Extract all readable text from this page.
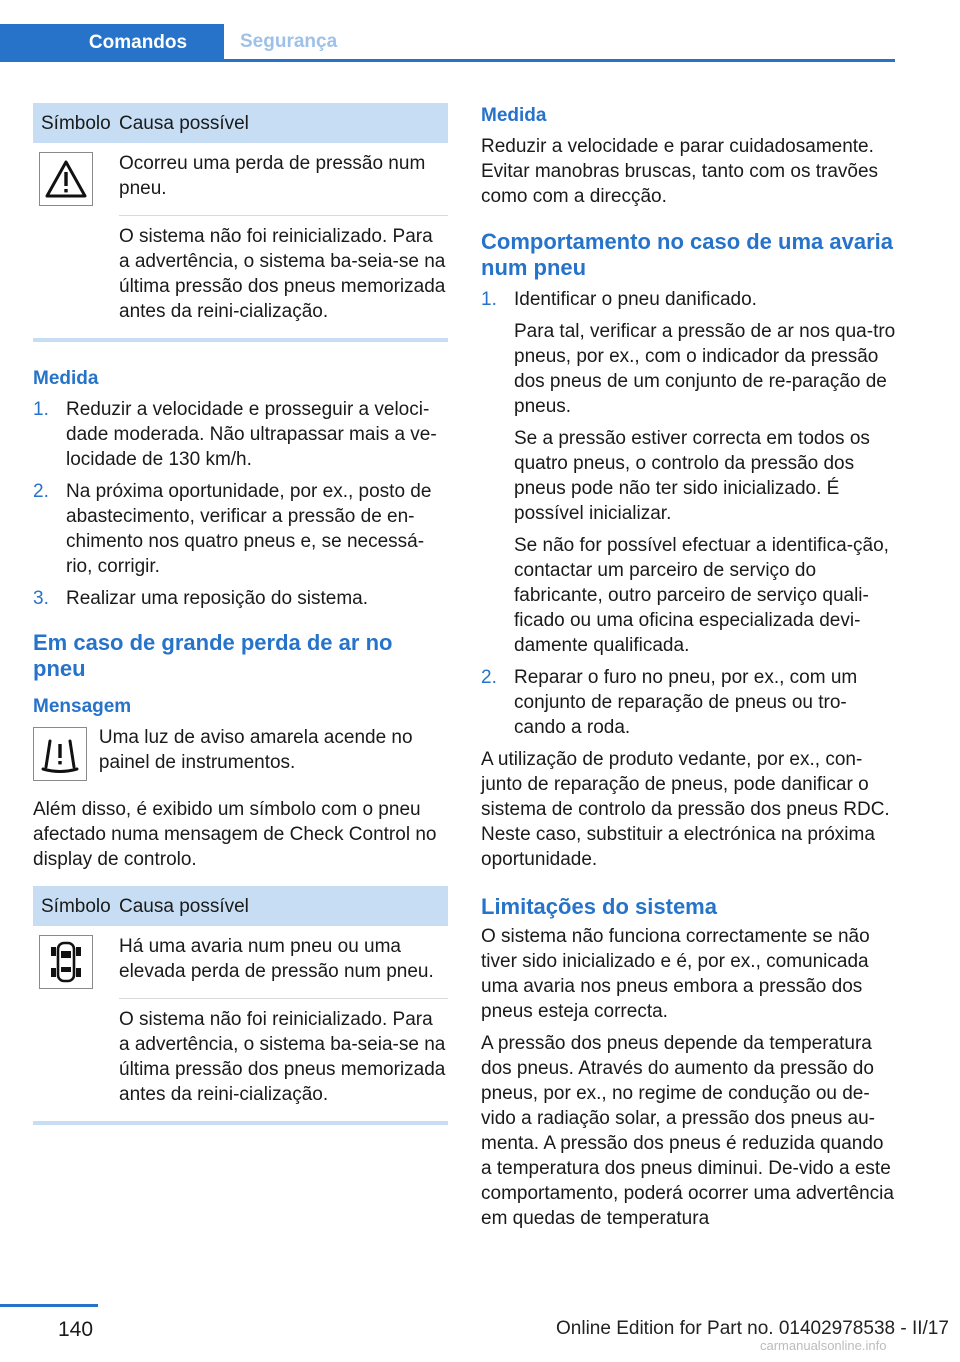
Comandos	Segurança
Símbolo	Causa possível

	Ocorreu uma perda de pressão num pneu.
	O sistema não foi reinicializado. Para a advertência, o sistema ba-seia-se na última pressão dos pneus memorizada antes da reini-cialização.

Medida

1. Reduzir a velocidade e prosseguir a veloci-dade moderada. Não ultrapassar mais a ve-locidade de 130 km/h.
2. Na próxima oportunidade, por ex., posto de abastecimento, verificar a pressão de en-chimento nos quatro pneus e, se necessá-rio, corrigir.
3. Realizar uma reposição do sistema.

Em caso de grande perda de ar no pneu

Mensagem

Uma luz de aviso amarela acende no painel de instrumentos.

Além disso, é exibido um símbolo com o pneu afectado numa mensagem de Check Control no display de controlo.

Símbolo	Causa possível

	Há uma avaria num pneu ou uma elevada perda de pressão num pneu.
	O sistema não foi reinicializado. Para a advertência, o sistema ba-seia-se na última pressão dos pneus memorizada antes da reini-cialização.

Medida

Reduzir a velocidade e parar cuidadosamente. Evitar manobras bruscas, tanto com os travões como com a direcção.

Comportamento no caso de uma avaria num pneu

1. Identificar o pneu danificado.

Para tal, verificar a pressão de ar nos qua-tro pneus, por ex., com o indicador da pressão dos pneus de um conjunto de re-paração de pneus.

Se a pressão estiver correcta em todos os quatro pneus, o controlo da pressão dos pneus pode não ter sido inicializado. É possível inicializar.

Se não for possível efectuar a identifica-ção, contactar um parceiro de serviço do fabricante, outro parceiro de serviço quali-ficado ou uma oficina especializada devi-damente qualificada.

2. Reparar o furo no pneu, por ex., com um conjunto de reparação de pneus ou tro-cando a roda.

A utilização de produto vedante, por ex., con-junto de reparação de pneus, pode danificar o sistema de controlo da pressão dos pneus RDC. Neste caso, substituir a electrónica na próxima oportunidade.

Limitações do sistema

O sistema não funciona correctamente se não tiver sido inicializado e é, por ex., comunicada uma avaria nos pneus embora a pressão dos pneus esteja correcta.

A pressão dos pneus depende da temperatura dos pneus. Através do aumento da pressão do pneus, por ex., no regime de condução ou de-vido a radiação solar, a pressão dos pneus au-menta. A pressão dos pneus é reduzida quando a temperatura dos pneus diminui. De-vido a este comportamento, poderá ocorrer uma advertência em quedas de temperatura

140	Online Edition for Part no. 01402978538 - II/17
carmanualsonline.info
